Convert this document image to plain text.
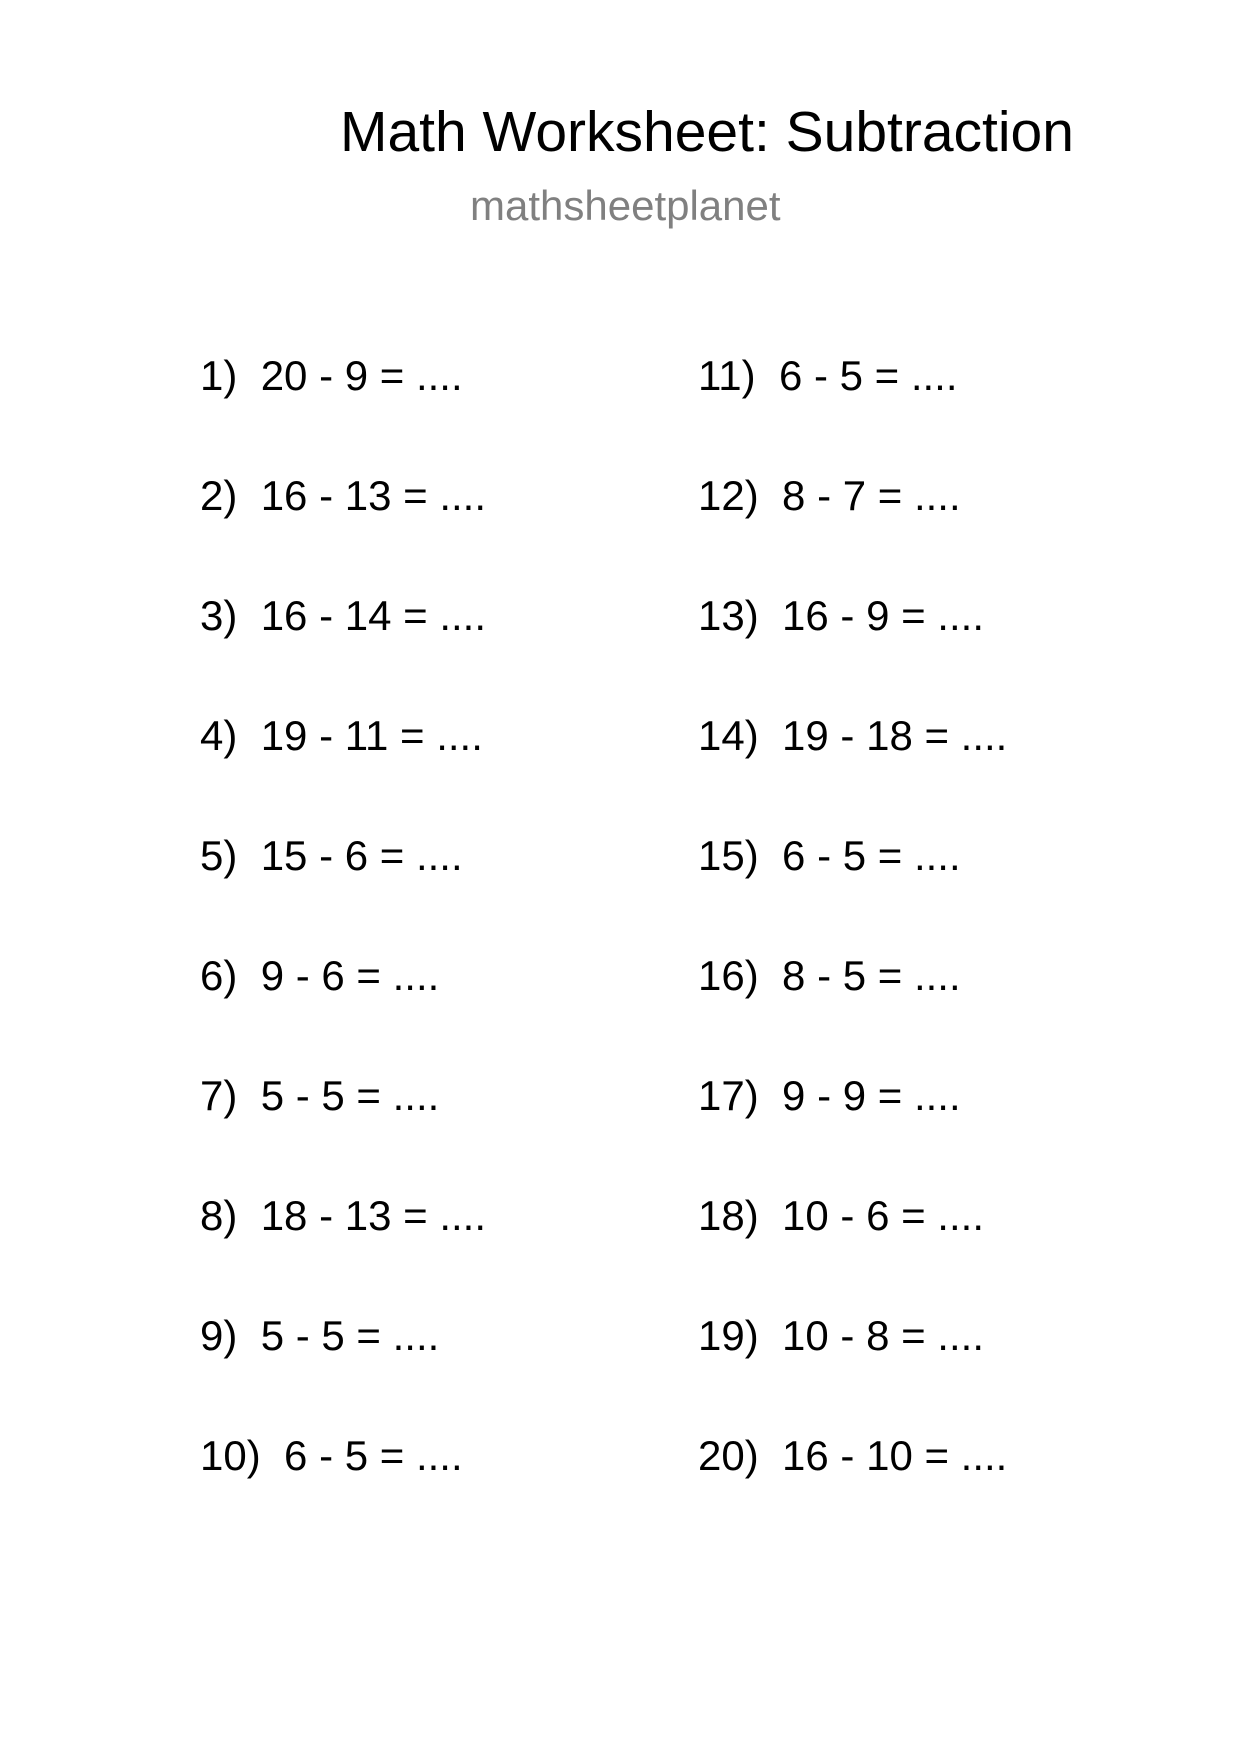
Math Worksheet: Subtraction
mathsheetplanet
1) 20 - 9 = ....
2) 16 - 13 = ....
3) 16 - 14 = ....
4) 19 - 11 = ....
5) 15 - 6 = ....
6) 9 - 6 = ....
7) 5 - 5 = ....
8) 18 - 13 = ....
9) 5 - 5 = ....
10) 6 - 5 = ....
11) 6 - 5 = ....
12) 8 - 7 = ....
13) 16 - 9 = ....
14) 19 - 18 = ....
15) 6 - 5 = ....
16) 8 - 5 = ....
17) 9 - 9 = ....
18) 10 - 6 = ....
19) 10 - 8 = ....
20) 16 - 10 = ....
